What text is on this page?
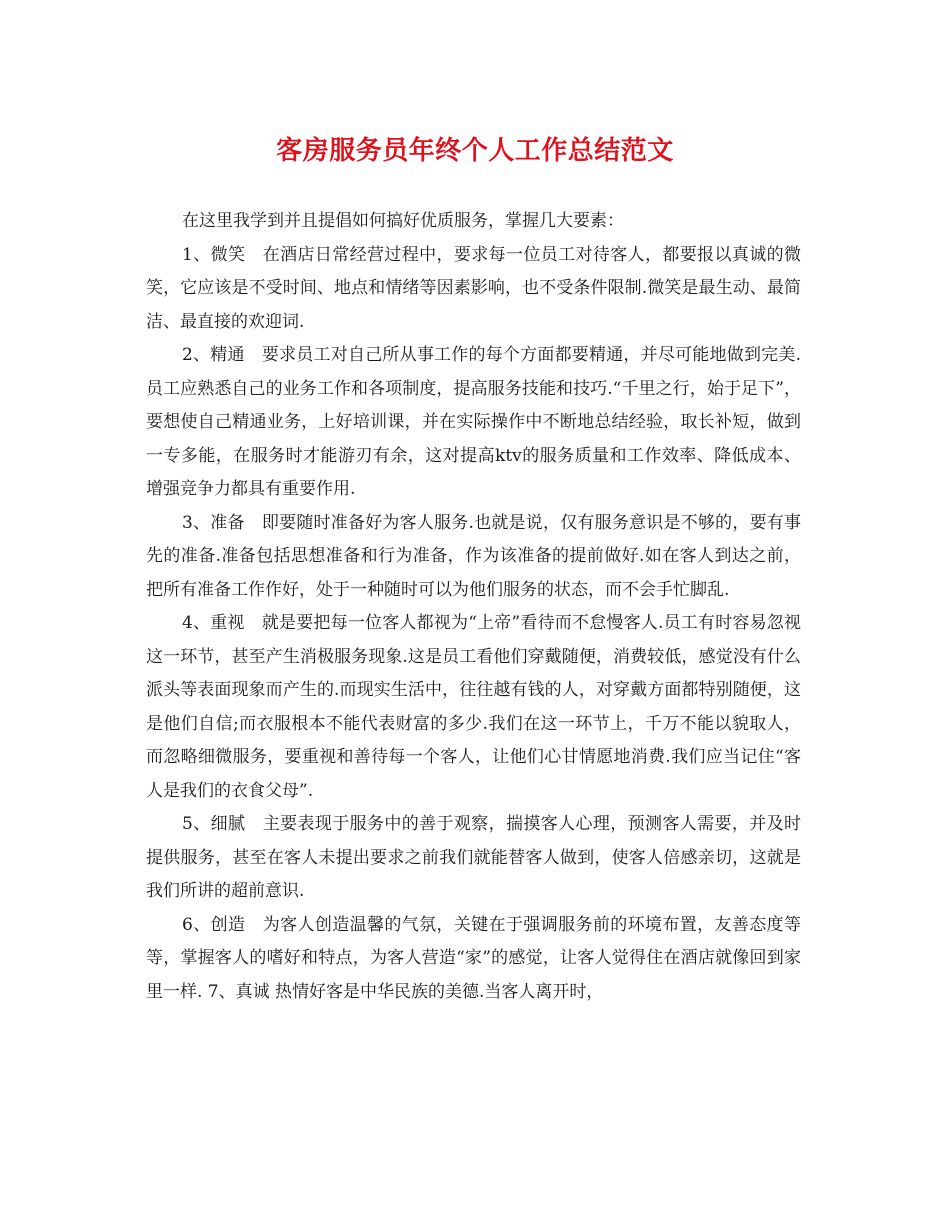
客房服务员年终个人工作总结范文

在这里我学到并且提倡如何搞好优质服务，掌握几大要素：

1、微笑　在酒店日常经营过程中，要求每一位员工对待客人，都要报以真诚的微笑，它应该是不受时间、地点和情绪等因素影响，也不受条件限制.微笑是最生动、最简洁、最直接的欢迎词.

2、精通　要求员工对自己所从事工作的每个方面都要精通，并尽可能地做到完美.员工应熟悉自己的业务工作和各项制度，提高服务技能和技巧.“千里之行，始于足下”，要想使自己精通业务，上好培训课，并在实际操作中不断地总结经验，取长补短，做到一专多能，在服务时才能游刃有余，这对提高ktv的服务质量和工作效率、降低成本、增强竞争力都具有重要作用.

3、准备　即要随时准备好为客人服务.也就是说，仅有服务意识是不够的，要有事先的准备.准备包括思想准备和行为准备，作为该准备的提前做好.如在客人到达之前，把所有准备工作作好，处于一种随时可以为他们服务的状态，而不会手忙脚乱.

4、重视　就是要把每一位客人都视为“上帝”看待而不怠慢客人.员工有时容易忽视这一环节，甚至产生消极服务现象.这是员工看他们穿戴随便，消费较低，感觉没有什么派头等表面现象而产生的.而现实生活中，往往越有钱的人，对穿戴方面都特别随便，这是他们自信;而衣服根本不能代表财富的多少.我们在这一环节上，千万不能以貌取人，而忽略细微服务，要重视和善待每一个客人，让他们心甘情愿地消费.我们应当记住“客人是我们的衣食父母”.

5、细腻　主要表现于服务中的善于观察，揣摸客人心理，预测客人需要，并及时提供服务，甚至在客人未提出要求之前我们就能替客人做到，使客人倍感亲切，这就是我们所讲的超前意识.

6、创造　为客人创造温馨的气氛，关键在于强调服务前的环境布置，友善态度等等，掌握客人的嗜好和特点，为客人营造“家”的感觉，让客人觉得住在酒店就像回到家里一样. 7、真诚 热情好客是中华民族的美德.当客人离开时，
